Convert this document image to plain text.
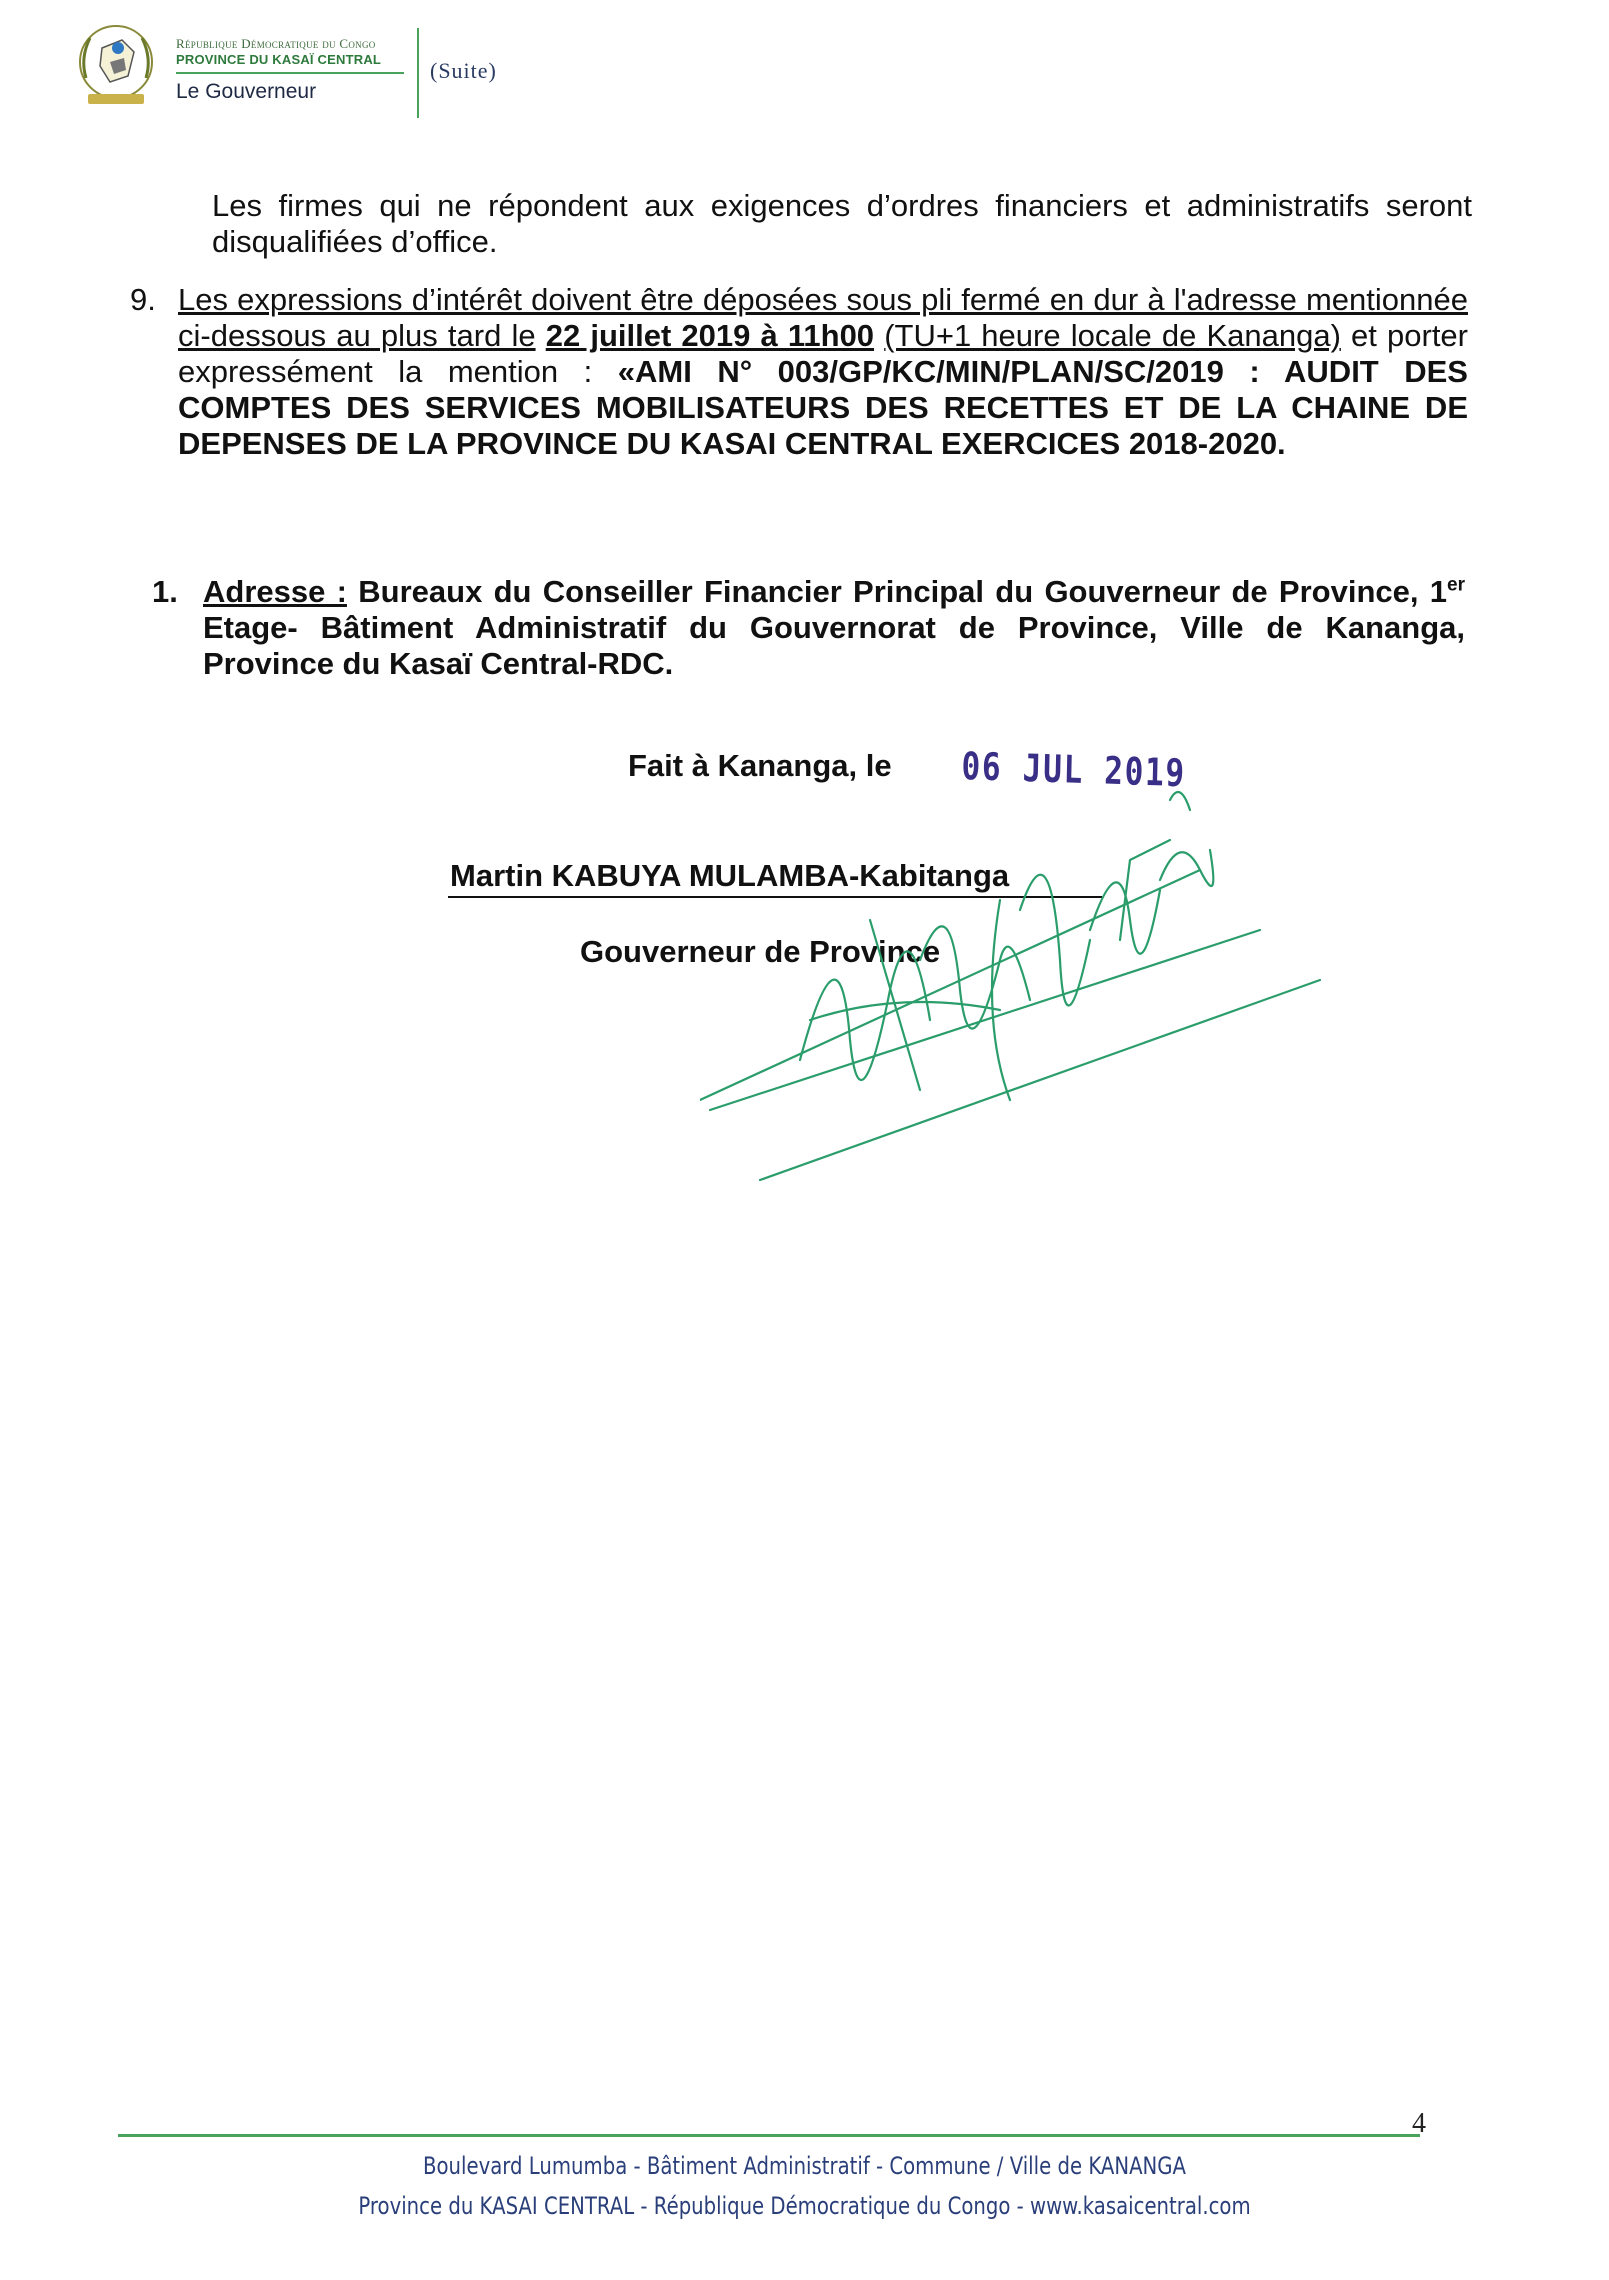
République Démocratique du Congo
PROVINCE DU KASAÏ CENTRAL
Le Gouverneur
(Suite)
Les firmes qui ne répondent aux exigences d’ordres financiers et administratifs seront disqualifiées d’office.
9. Les expressions d’intérêt doivent être déposées sous pli fermé en dur à l'adresse mentionnée ci-dessous au plus tard le 22 juillet 2019 à 11h00 (TU+1 heure locale de Kananga) et porter expressément la mention : «AMI N° 003/GP/KC/MIN/PLAN/SC/2019 : AUDIT DES COMPTES DES SERVICES MOBILISATEURS DES RECETTES ET DE LA CHAINE DE DEPENSES DE LA PROVINCE DU KASAI CENTRAL EXERCICES 2018-2020.
1. Adresse : Bureaux du Conseiller Financier Principal du Gouverneur de Province, 1er Etage- Bâtiment Administratif du Gouvernorat de Province, Ville de Kananga, Province du Kasaï Central-RDC.
Fait à Kananga, le 06 JUL 2019
Martin KABUYA MULAMBA-Kabitanga
Gouverneur de Province
4
Boulevard Lumumba - Bâtiment Administratif - Commune / Ville de KANANGA
Province du KASAI CENTRAL - République Démocratique du Congo - www.kasaicentral.com
